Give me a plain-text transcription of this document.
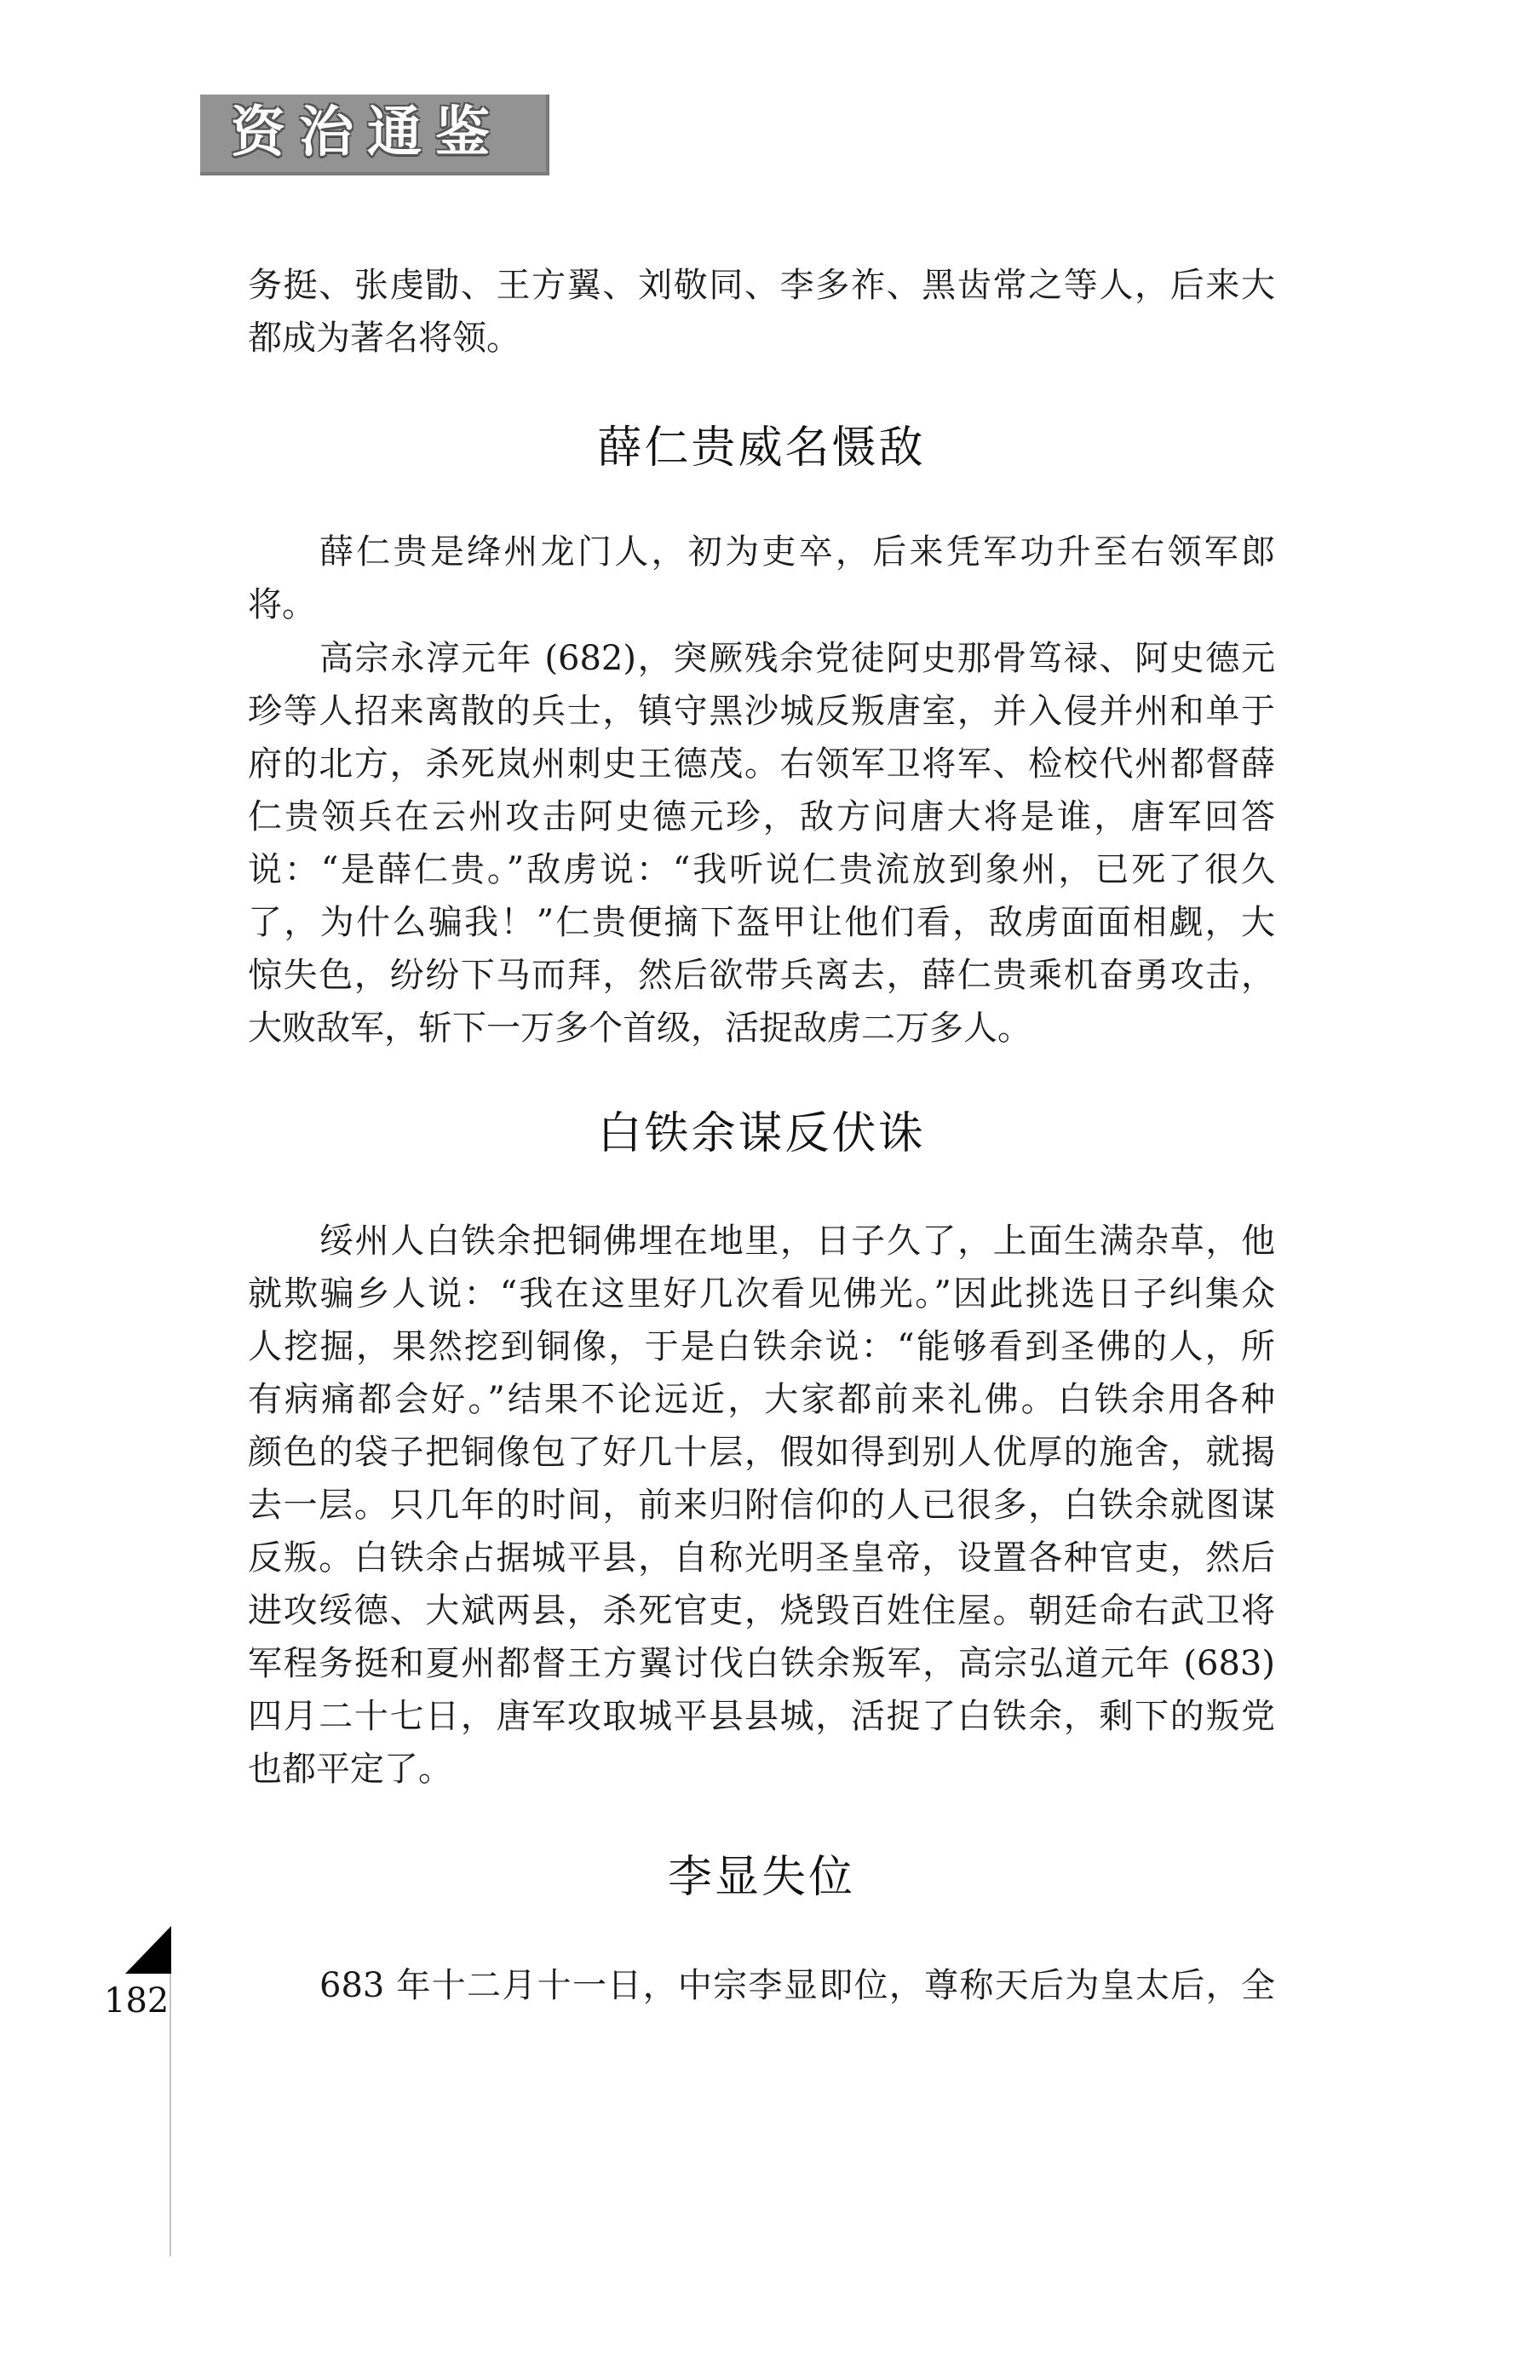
资治通鉴
务挺、张虔勖、王方翼、刘敬同、李多祚、黑齿常之等人，后来大
都成为著名将领。
薛仁贵威名慑敌
薛仁贵是绛州龙门人，初为吏卒，后来凭军功升至右领军郎
将。
高宗永淳元年 (682)，突厥残余党徒阿史那骨笃禄、阿史德元
珍等人招来离散的兵士，镇守黑沙城反叛唐室，并入侵并州和单于
府的北方，杀死岚州刺史王德茂。右领军卫将军、检校代州都督薛
仁贵领兵在云州攻击阿史德元珍，敌方问唐大将是谁，唐军回答
说：“是薛仁贵。”敌虏说：“我听说仁贵流放到象州，已死了很久
了，为什么骗我！”仁贵便摘下盔甲让他们看，敌虏面面相觑，大
惊失色，纷纷下马而拜，然后欲带兵离去，薛仁贵乘机奋勇攻击，
大败敌军，斩下一万多个首级，活捉敌虏二万多人。
白铁余谋反伏诛
绥州人白铁余把铜佛埋在地里，日子久了，上面生满杂草，他
就欺骗乡人说：“我在这里好几次看见佛光。”因此挑选日子纠集众
人挖掘，果然挖到铜像，于是白铁余说：“能够看到圣佛的人，所
有病痛都会好。”结果不论远近，大家都前来礼佛。白铁余用各种
颜色的袋子把铜像包了好几十层，假如得到别人优厚的施舍，就揭
去一层。只几年的时间，前来归附信仰的人已很多，白铁余就图谋
反叛。白铁余占据城平县，自称光明圣皇帝，设置各种官吏，然后
进攻绥德、大斌两县，杀死官吏，烧毁百姓住屋。朝廷命右武卫将
军程务挺和夏州都督王方翼讨伐白铁余叛军，高宗弘道元年 (683)
四月二十七日，唐军攻取城平县县城，活捉了白铁余，剩下的叛党
也都平定了。
李显失位
683 年十二月十一日，中宗李显即位，尊称天后为皇太后，全
182
